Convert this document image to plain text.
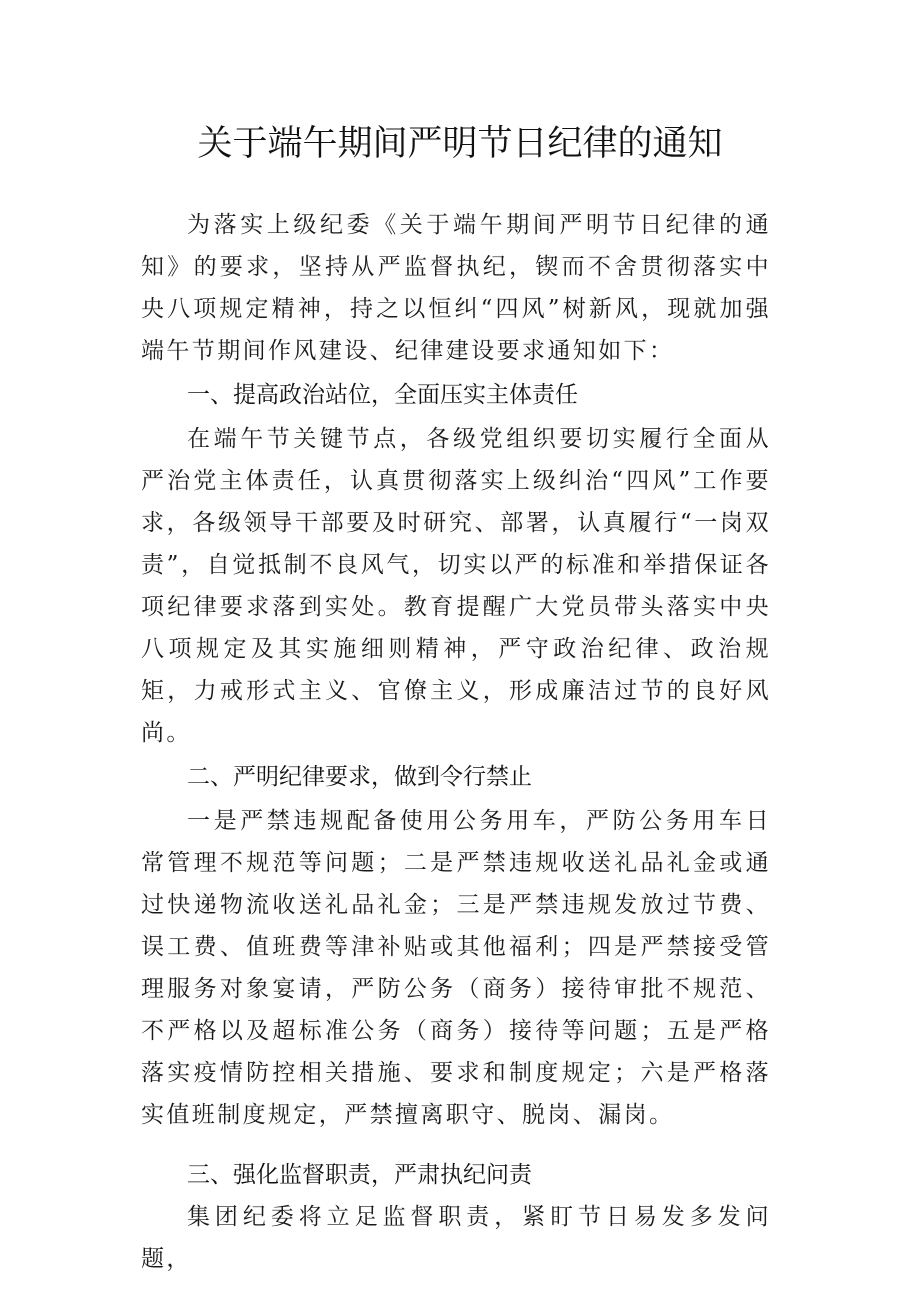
关于端午期间严明节日纪律的通知

为落实上级纪委《关于端午期间严明节日纪律的通知》的要求，坚持从严监督执纪，锲而不舍贯彻落实中央八项规定精神，持之以恒纠“四风”树新风，现就加强端午节期间作风建设、纪律建设要求通知如下：

一、提高政治站位，全面压实主体责任

在端午节关键节点，各级党组织要切实履行全面从严治党主体责任，认真贯彻落实上级纠治“四风”工作要求，各级领导干部要及时研究、部署，认真履行“一岗双责”，自觉抵制不良风气，切实以严的标准和举措保证各项纪律要求落到实处。教育提醒广大党员带头落实中央八项规定及其实施细则精神，严守政治纪律、政治规矩，力戒形式主义、官僚主义，形成廉洁过节的良好风尚。

二、严明纪律要求，做到令行禁止

一是严禁违规配备使用公务用车，严防公务用车日常管理不规范等问题；二是严禁违规收送礼品礼金或通过快递物流收送礼品礼金；三是严禁违规发放过节费、误工费、值班费等津补贴或其他福利；四是严禁接受管理服务对象宴请，严防公务（商务）接待审批不规范、不严格以及超标准公务（商务）接待等问题；五是严格落实疫情防控相关措施、要求和制度规定；六是严格落实值班制度规定，严禁擅离职守、脱岗、漏岗。

三、强化监督职责，严肃执纪问责

集团纪委将立足监督职责，紧盯节日易发多发问题，
